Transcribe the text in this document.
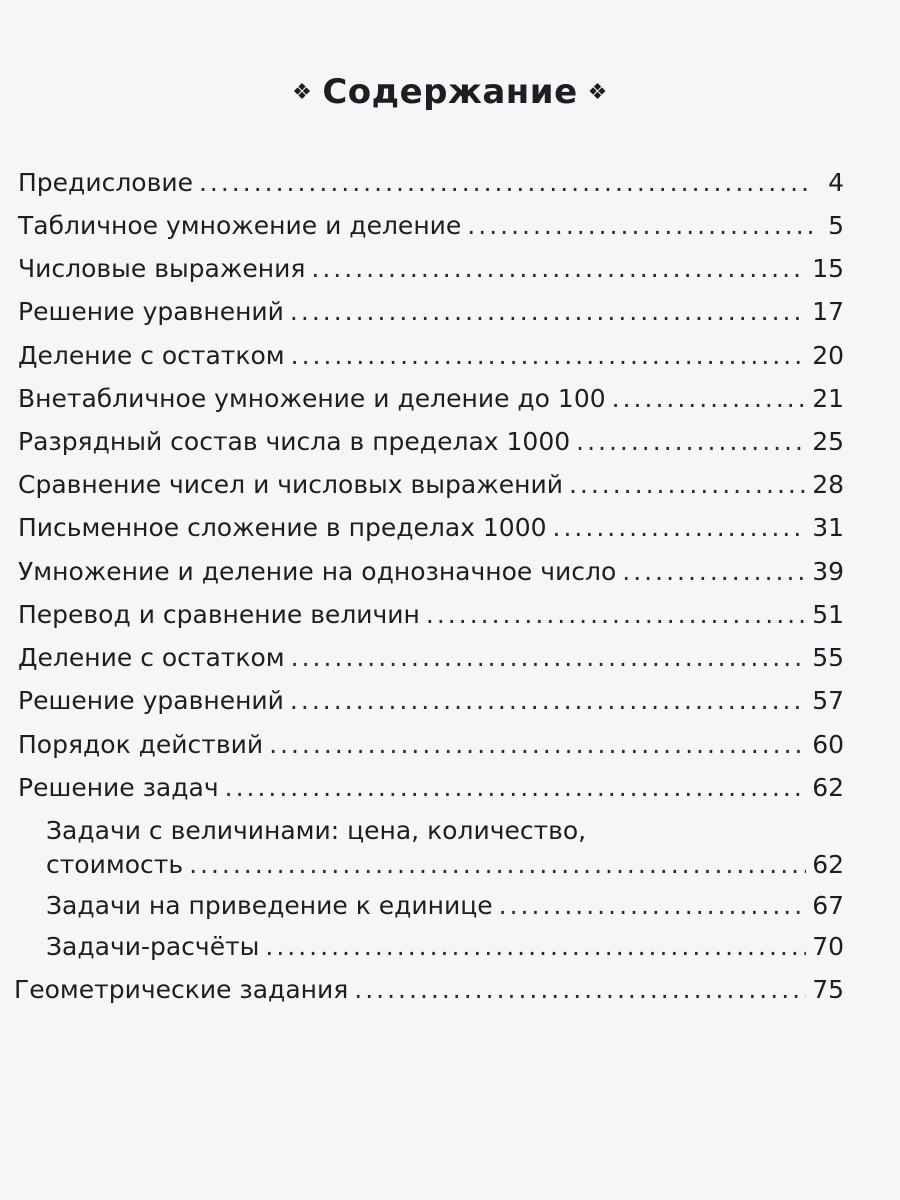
❖ Содержание ❖
Предисловие .....	4
Табличное умножение и деление .....	5
Числовые выражения .....	15
Решение уравнений .....	17
Деление с остатком .....	20
Внетабличное умножение и деление до 100 .....	21
Разрядный состав числа в пределах 1000 .....	25
Сравнение чисел и числовых выражений .....	28
Письменное сложение в пределах 1000 .....	31
Умножение и деление на однозначное число .....	39
Перевод и сравнение величин .....	51
Деление с остатком .....	55
Решение уравнений .....	57
Порядок действий .....	60
Решение задач .....	62
Задачи с величинами: цена, количество,
стоимость .....	62
Задачи на приведение к единице .....	67
Задачи-расчёты .....	70
Геометрические задания .....	75
